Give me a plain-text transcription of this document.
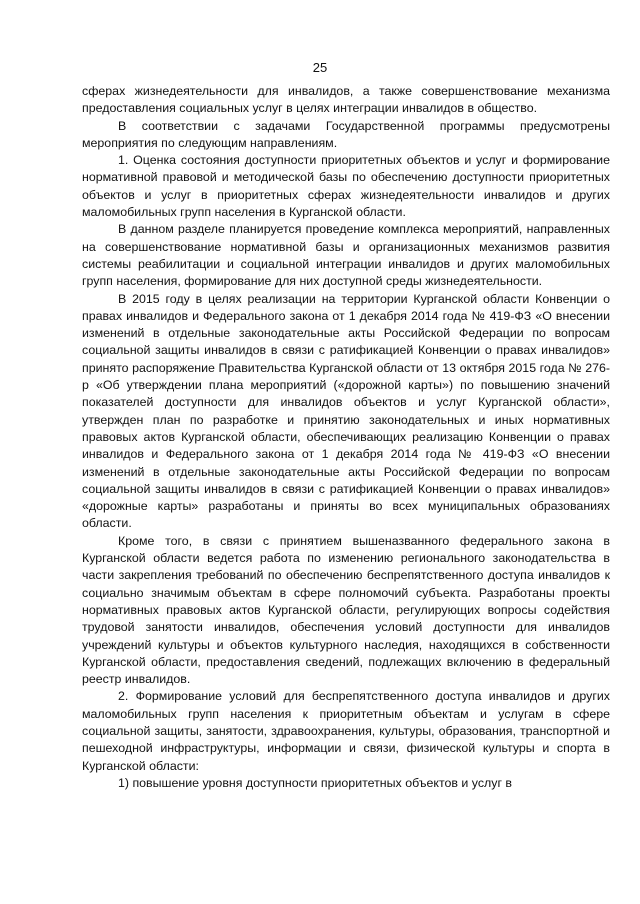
25

сферах жизнедеятельности для инвалидов, а также совершенствование механизма предоставления социальных услуг в целях интеграции инвалидов в общество.

В соответствии с задачами Государственной программы предусмотрены мероприятия по следующим направлениям.

1. Оценка состояния доступности приоритетных объектов и услуг и формирование нормативной правовой и методической базы по обеспечению доступности приоритетных объектов и услуг в приоритетных сферах жизнедеятельности инвалидов и других маломобильных групп населения в Курганской области.

В данном разделе планируется проведение комплекса мероприятий, направленных на совершенствование нормативной базы и организационных механизмов развития системы реабилитации и социальной интеграции инвалидов и других маломобильных групп населения, формирование для них доступной среды жизнедеятельности.

В 2015 году в целях реализации на территории Курганской области Конвенции о правах инвалидов и Федерального закона от 1 декабря 2014 года № 419-ФЗ «О внесении изменений в отдельные законодательные акты Российской Федерации по вопросам социальной защиты инвалидов в связи с ратификацией Конвенции о правах инвалидов» принято распоряжение Правительства Курганской области от 13 октября 2015 года № 276-р «Об утверждении плана мероприятий («дорожной карты») по повышению значений показателей доступности для инвалидов объектов и услуг Курганской области», утвержден план по разработке и принятию законодательных и иных нормативных правовых актов Курганской области, обеспечивающих реализацию Конвенции о правах инвалидов и Федерального закона от 1 декабря 2014 года № 419-ФЗ «О внесении изменений в отдельные законодательные акты Российской Федерации по вопросам социальной защиты инвалидов в связи с ратификацией Конвенции о правах инвалидов» «дорожные карты» разработаны и приняты во всех муниципальных образованиях области.

Кроме того, в связи с принятием вышеназванного федерального закона в Курганской области ведется работа по изменению регионального законодательства в части закрепления требований по обеспечению беспрепятственного доступа инвалидов к социально значимым объектам в сфере полномочий субъекта. Разработаны проекты нормативных правовых актов Курганской области, регулирующих вопросы содействия трудовой занятости инвалидов, обеспечения условий доступности для инвалидов учреждений культуры и объектов культурного наследия, находящихся в собственности Курганской области, предоставления сведений, подлежащих включению в федеральный реестр инвалидов.

2. Формирование условий для беспрепятственного доступа инвалидов и других маломобильных групп населения к приоритетным объектам и услугам в сфере социальной защиты, занятости, здравоохранения, культуры, образования, транспортной и пешеходной инфраструктуры, информации и связи, физической культуры и спорта в Курганской области:

1) повышение уровня доступности приоритетных объектов и услуг в
